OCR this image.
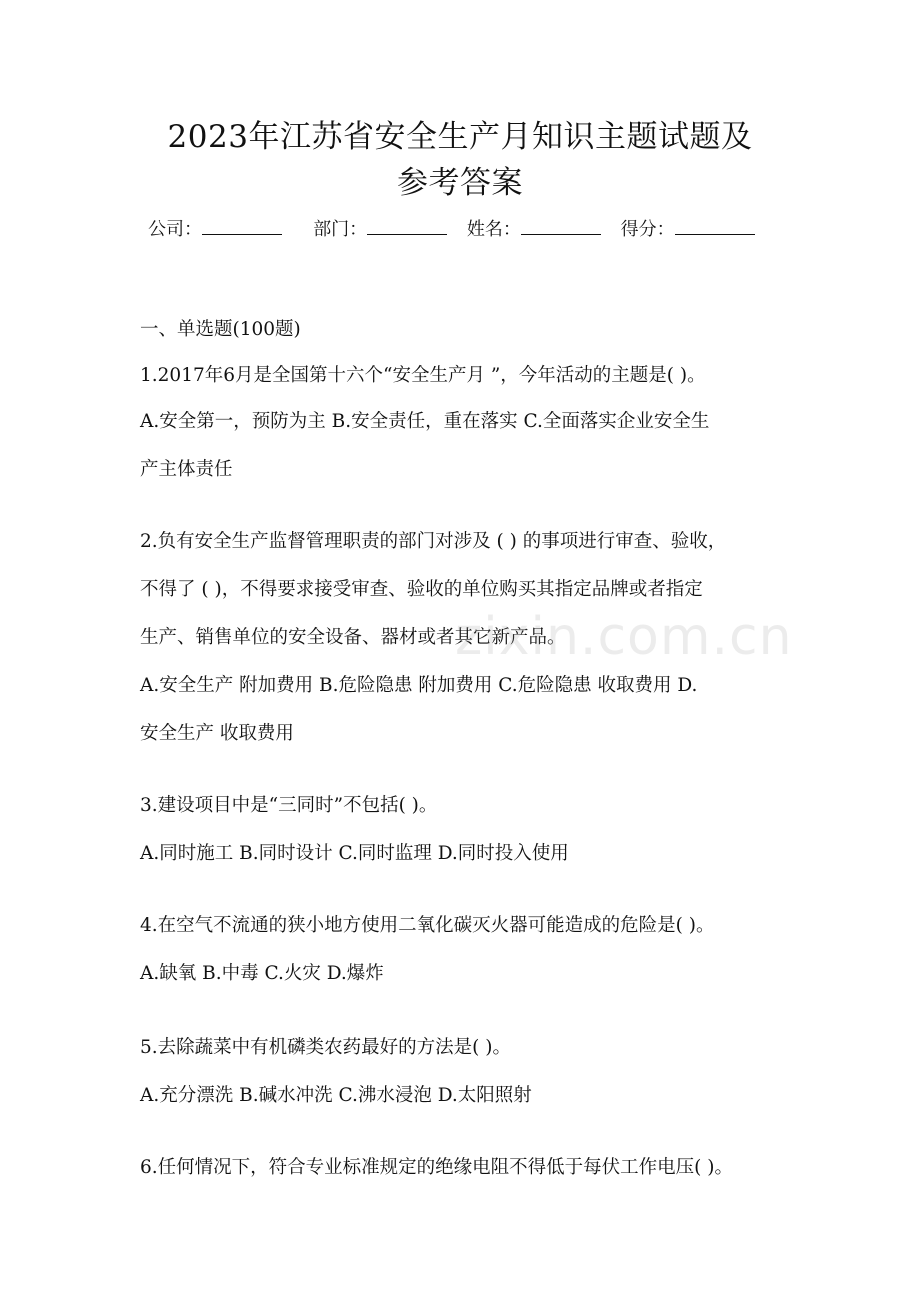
2023年江苏省安全生产月知识主题试题及
参考答案
公司：	部门：	姓名：	得分：
一、单选题(100题)
1.2017年6月是全国第十六个“安全生产月 ”，今年活动的主题是( )。
A.安全第一，预防为主 B.安全责任，重在落实 C.全面落实企业安全生
产主体责任
2.负有安全生产监督管理职责的部门对涉及 ( ) 的事项进行审查、验收，
不得了 ( )，不得要求接受审查、验收的单位购买其指定品牌或者指定
生产、销售单位的安全设备、器材或者其它新产品。
A.安全生产 附加费用 B.危险隐患 附加费用 C.危险隐患 收取费用 D.
安全生产 收取费用
3.建设项目中是“三同时”不包括( )。
A.同时施工 B.同时设计 C.同时监理 D.同时投入使用
4.在空气不流通的狭小地方使用二氧化碳灭火器可能造成的危险是( )。
A.缺氧 B.中毒 C.火灾 D.爆炸
5.去除蔬菜中有机磷类农药最好的方法是( )。
A.充分漂洗 B.碱水冲洗 C.沸水浸泡 D.太阳照射
6.任何情况下，符合专业标准规定的绝缘电阻不得低于每伏工作电压( )。
zixin.com.cn
